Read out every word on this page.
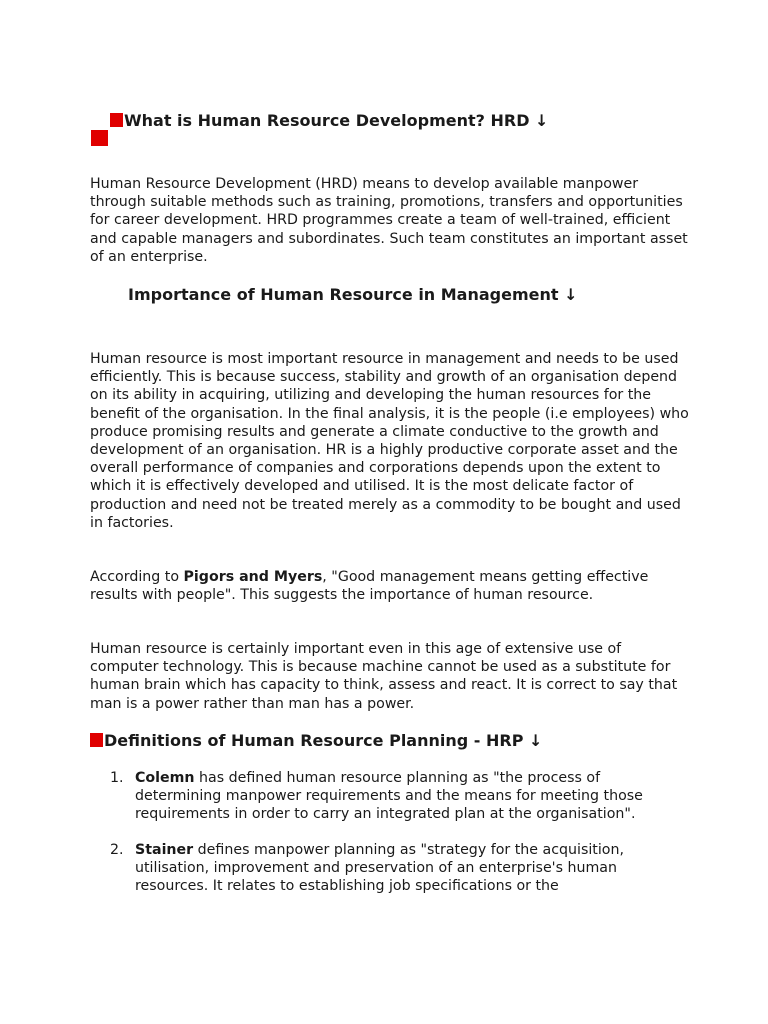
What is Human Resource Development? HRD ↓

Human Resource Development (HRD) means to develop available manpower through suitable methods such as training, promotions, transfers and opportunities for career development. HRD programmes create a team of well-trained, efficient and capable managers and subordinates. Such team constitutes an important asset of an enterprise.

Importance of Human Resource in Management ↓

Human resource is most important resource in management and needs to be used efficiently. This is because success, stability and growth of an organisation depend on its ability in acquiring, utilizing and developing the human resources for the benefit of the organisation. In the final analysis, it is the people (i.e employees) who produce promising results and generate a climate conductive to the growth and development of an organisation. HR is a highly productive corporate asset and the overall performance of companies and corporations depends upon the extent to which it is effectively developed and utilised. It is the most delicate factor of production and need not be treated merely as a commodity to be bought and used in factories.

According to Pigors and Myers, "Good management means getting effective results with people". This suggests the importance of human resource.

Human resource is certainly important even in this age of extensive use of computer technology. This is because machine cannot be used as a substitute for human brain which has capacity to think, assess and react. It is correct to say that man is a power rather than man has a power.

Definitions of Human Resource Planning - HRP ↓
1. Colemn has defined human resource planning as "the process of determining manpower requirements and the means for meeting those requirements in order to carry an integrated plan at the organisation".
2. Stainer defines manpower planning as "strategy for the acquisition, utilisation, improvement and preservation of an enterprise's human resources. It relates to establishing job specifications or the
